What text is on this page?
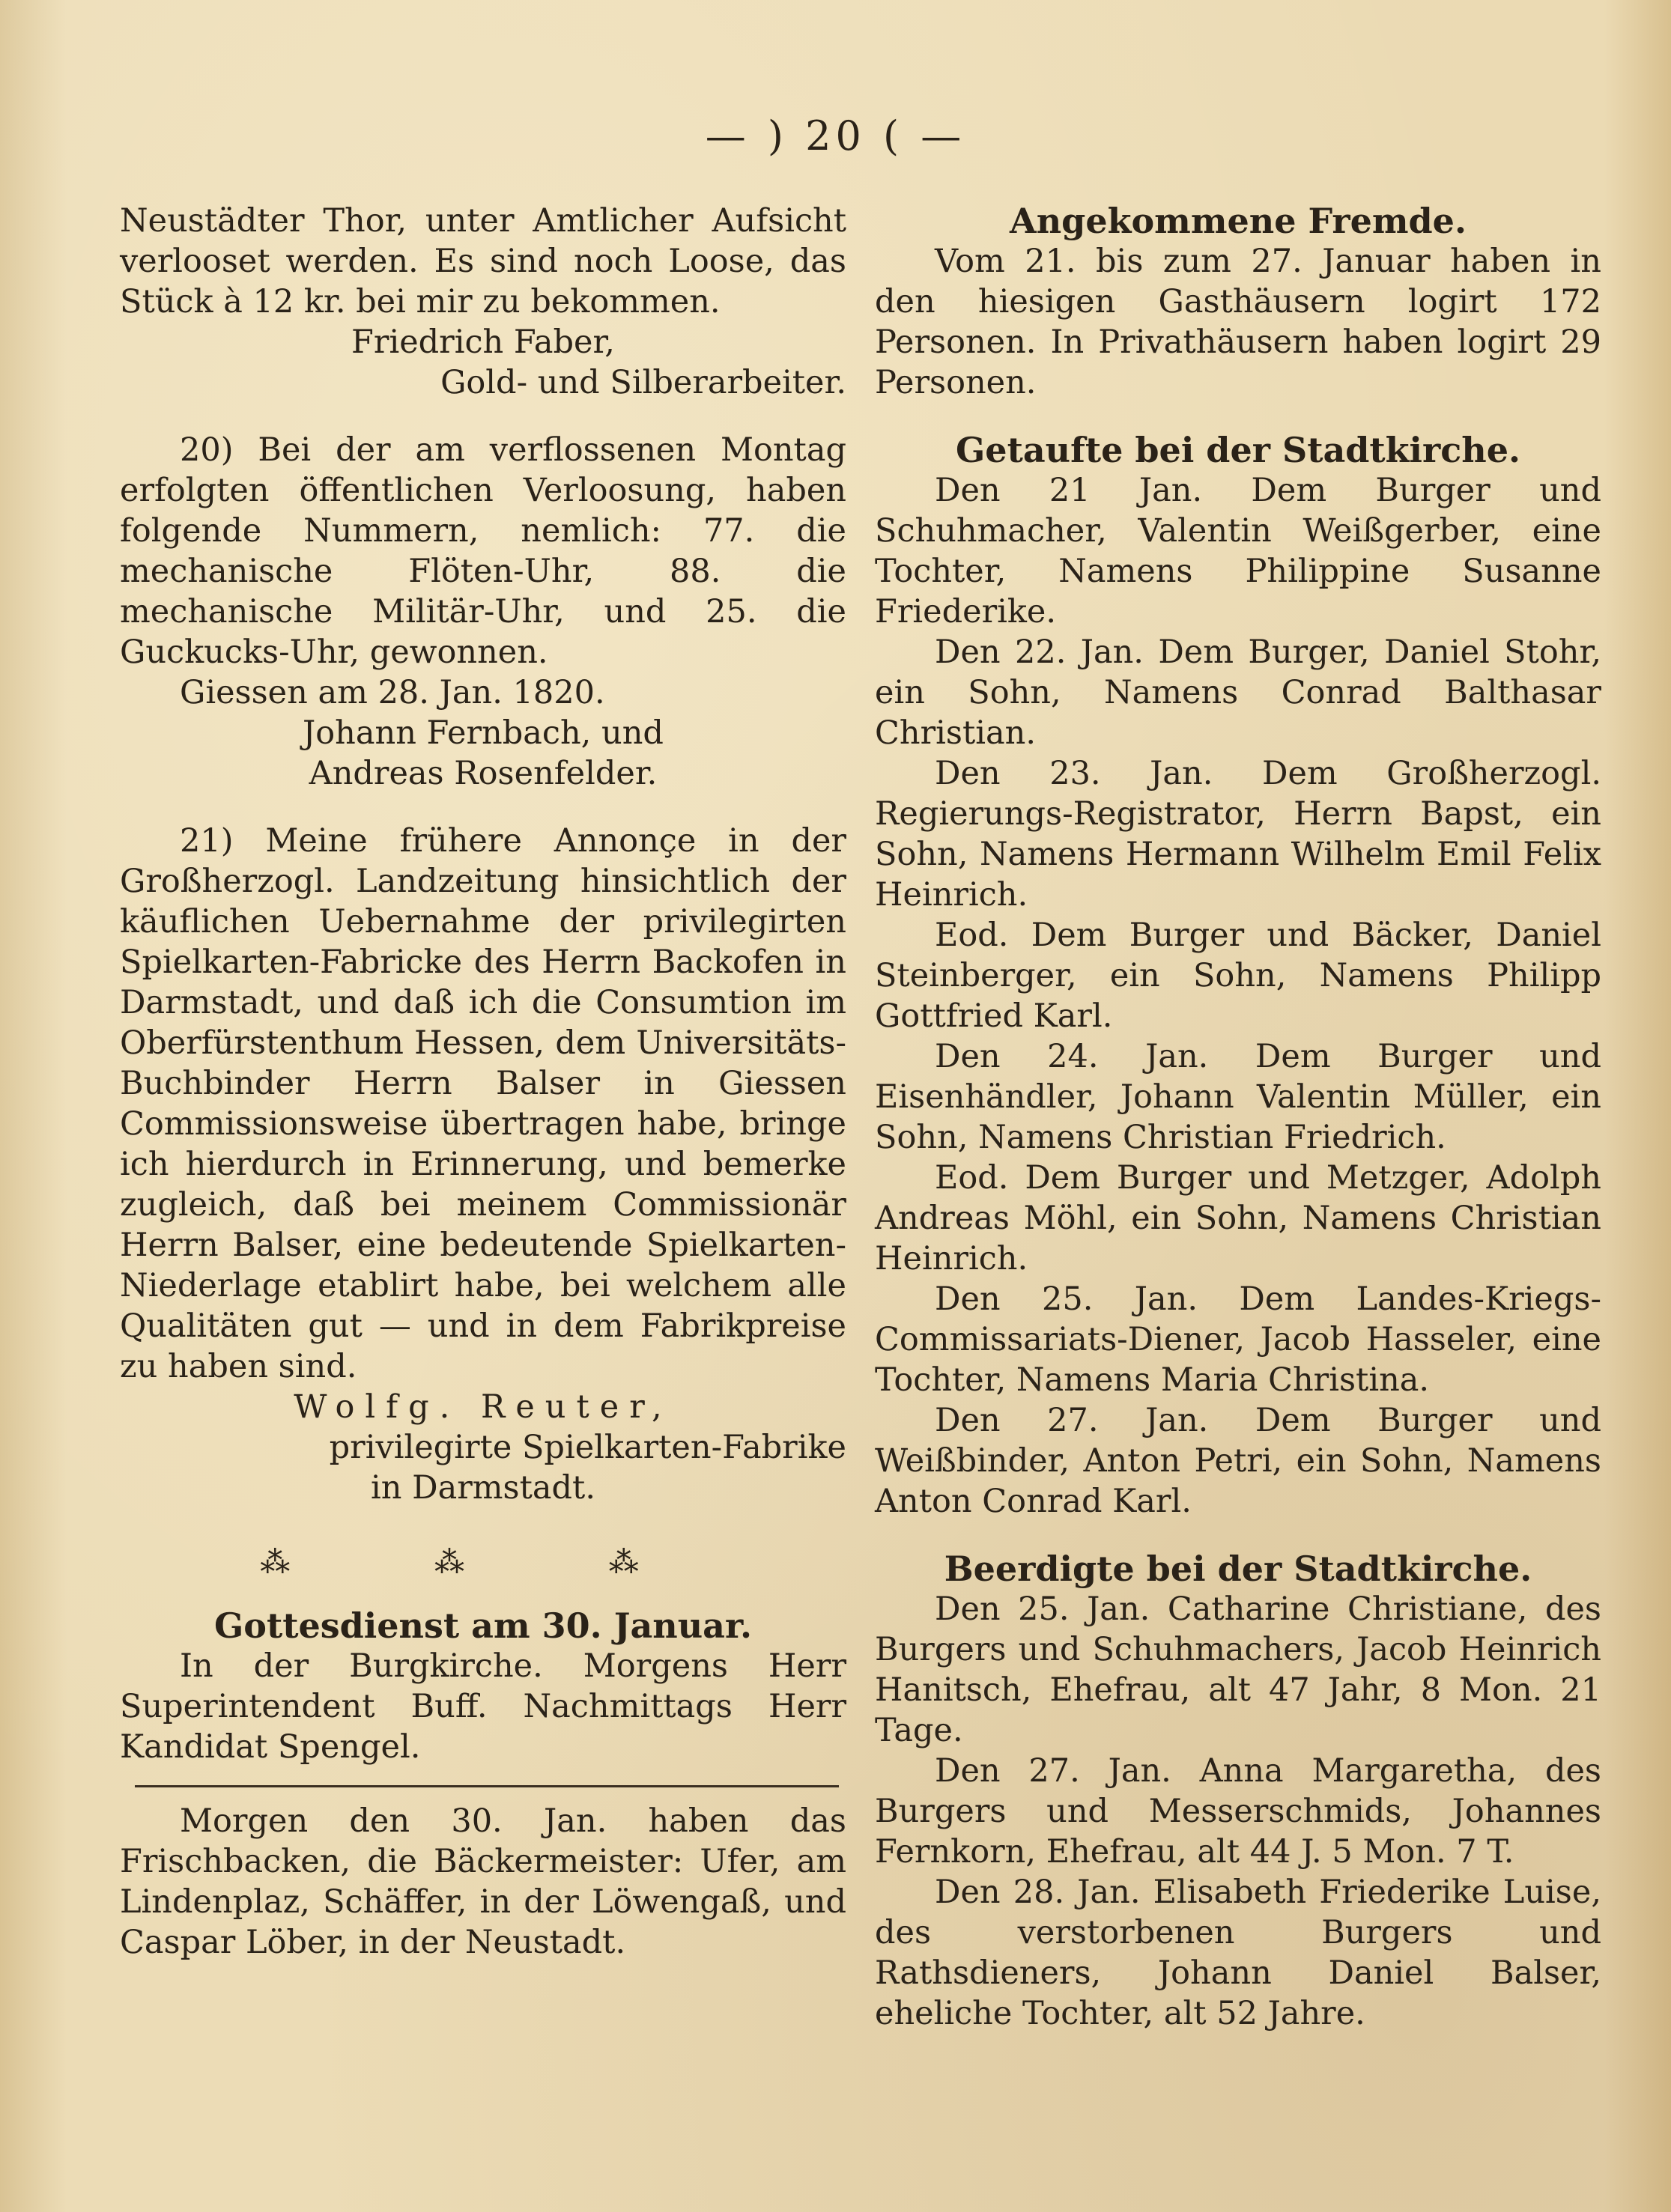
— ) 20 ( —

Neustädter Thor, unter Amtlicher Aufsicht verlooset werden. Es sind noch Loose, das Stück à 12 kr. bei mir zu bekommen.

Friedrich Faber,

Gold- und Silberarbeiter.

20) Bei der am verflossenen Montag erfolgten öffentlichen Verloosung, haben folgende Nummern, nemlich: 77. die mechanische Flöten-Uhr, 88. die mechanische Militär-Uhr, und 25. die Guckucks-Uhr, gewonnen.

Giessen am 28. Jan. 1820.

Johann Fernbach, und

Andreas Rosenfelder.

21) Meine frühere Annonçe in der Großherzogl. Landzeitung hinsichtlich der käuflichen Uebernahme der privilegirten Spielkarten-Fabricke des Herrn Backofen in Darmstadt, und daß ich die Consumtion im Oberfürstenthum Hessen, dem Universitäts-Buchbinder Herrn Balser in Giessen Commissionsweise übertragen habe, bringe ich hierdurch in Erinnerung, und bemerke zugleich, daß bei meinem Commissionär Herrn Balser, eine bedeutende Spielkarten-Niederlage etablirt habe, bei welchem alle Qualitäten gut — und in dem Fabrikpreise zu haben sind.

Wolfg. Reuter,

privilegirte Spielkarten-Fabrike

in Darmstadt.

⁂ ⁂ ⁂

Gottesdienst am 30. Januar.

In der Burgkirche. Morgens Herr Superintendent Buff. Nachmittags Herr Kandidat Spengel.

Morgen den 30. Jan. haben das Frischbacken, die Bäckermeister: Ufer, am Lindenplaz, Schäffer, in der Löwengaß, und Caspar Löber, in der Neustadt.

Angekommene Fremde.

Vom 21. bis zum 27. Januar haben in den hiesigen Gasthäusern logirt 172 Personen. In Privathäusern haben logirt 29 Personen.

Getaufte bei der Stadtkirche.

Den 21 Jan. Dem Burger und Schuhmacher, Valentin Weißgerber, eine Tochter, Namens Philippine Susanne Friederike.

Den 22. Jan. Dem Burger, Daniel Stohr, ein Sohn, Namens Conrad Balthasar Christian.

Den 23. Jan. Dem Großherzogl. Regierungs-Registrator, Herrn Bapst, ein Sohn, Namens Hermann Wilhelm Emil Felix Heinrich.

Eod. Dem Burger und Bäcker, Daniel Steinberger, ein Sohn, Namens Philipp Gottfried Karl.

Den 24. Jan. Dem Burger und Eisenhändler, Johann Valentin Müller, ein Sohn, Namens Christian Friedrich.

Eod. Dem Burger und Metzger, Adolph Andreas Möhl, ein Sohn, Namens Christian Heinrich.

Den 25. Jan. Dem Landes-Kriegs-Commissariats-Diener, Jacob Hasseler, eine Tochter, Namens Maria Christina.

Den 27. Jan. Dem Burger und Weißbinder, Anton Petri, ein Sohn, Namens Anton Conrad Karl.

Beerdigte bei der Stadtkirche.

Den 25. Jan. Catharine Christiane, des Burgers und Schuhmachers, Jacob Heinrich Hanitsch, Ehefrau, alt 47 Jahr, 8 Mon. 21 Tage.

Den 27. Jan. Anna Margaretha, des Burgers und Messerschmids, Johannes Fernkorn, Ehefrau, alt 44 J. 5 Mon. 7 T.

Den 28. Jan. Elisabeth Friederike Luise, des verstorbenen Burgers und Rathsdieners, Johann Daniel Balser, eheliche Tochter, alt 52 Jahre.
